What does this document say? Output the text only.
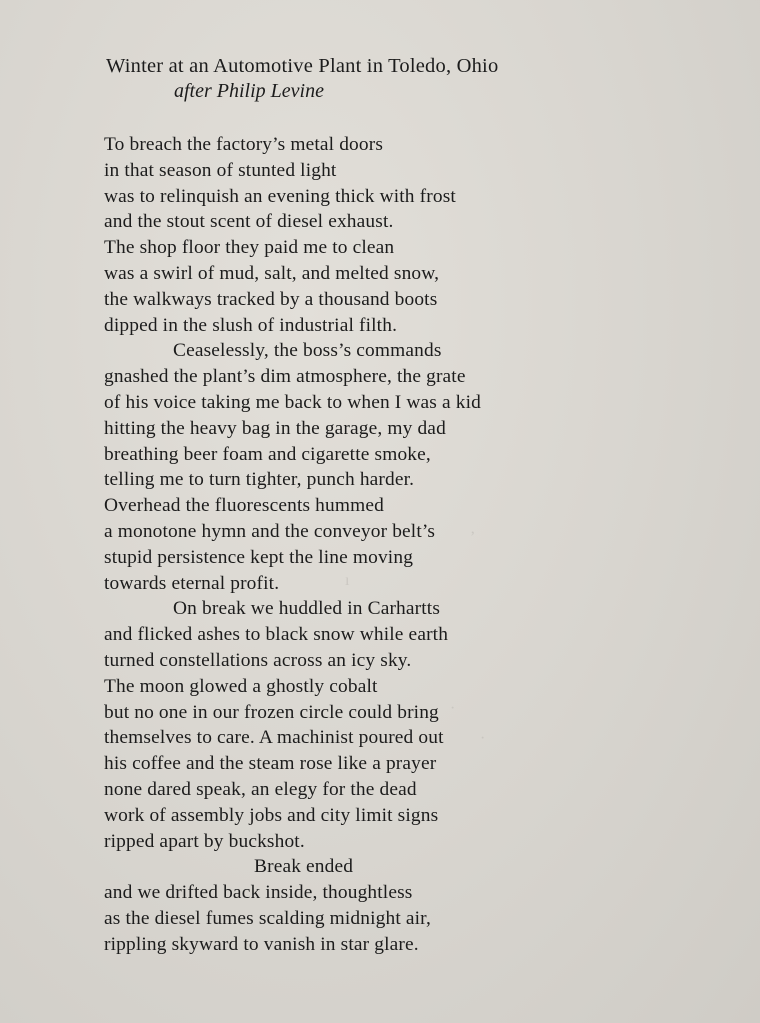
Winter at an Automotive Plant in Toledo, Ohio
after Philip Levine
To breach the factory’s metal doors
in that season of stunted light
was to relinquish an evening thick with frost
and the stout scent of diesel exhaust.
The shop floor they paid me to clean
was a swirl of mud, salt, and melted snow,
the walkways tracked by a thousand boots
dipped in the slush of industrial filth.
Ceaselessly, the boss’s commands
gnashed the plant’s dim atmosphere, the grate
of his voice taking me back to when I was a kid
hitting the heavy bag in the garage, my dad
breathing beer foam and cigarette smoke,
telling me to turn tighter, punch harder.
Overhead the fluorescents hummed
a monotone hymn and the conveyor belt’s
stupid persistence kept the line moving
towards eternal profit.
On break we huddled in Carhartts
and flicked ashes to black snow while earth
turned constellations across an icy sky.
The moon glowed a ghostly cobalt
but no one in our frozen circle could bring
themselves to care. A machinist poured out
his coffee and the steam rose like a prayer
none dared speak, an elegy for the dead
work of assembly jobs and city limit signs
ripped apart by buckshot.
Break ended
and we drifted back inside, thoughtless
as the diesel fumes scalding midnight air,
rippling skyward to vanish in star glare.
‚
ı
·
·
